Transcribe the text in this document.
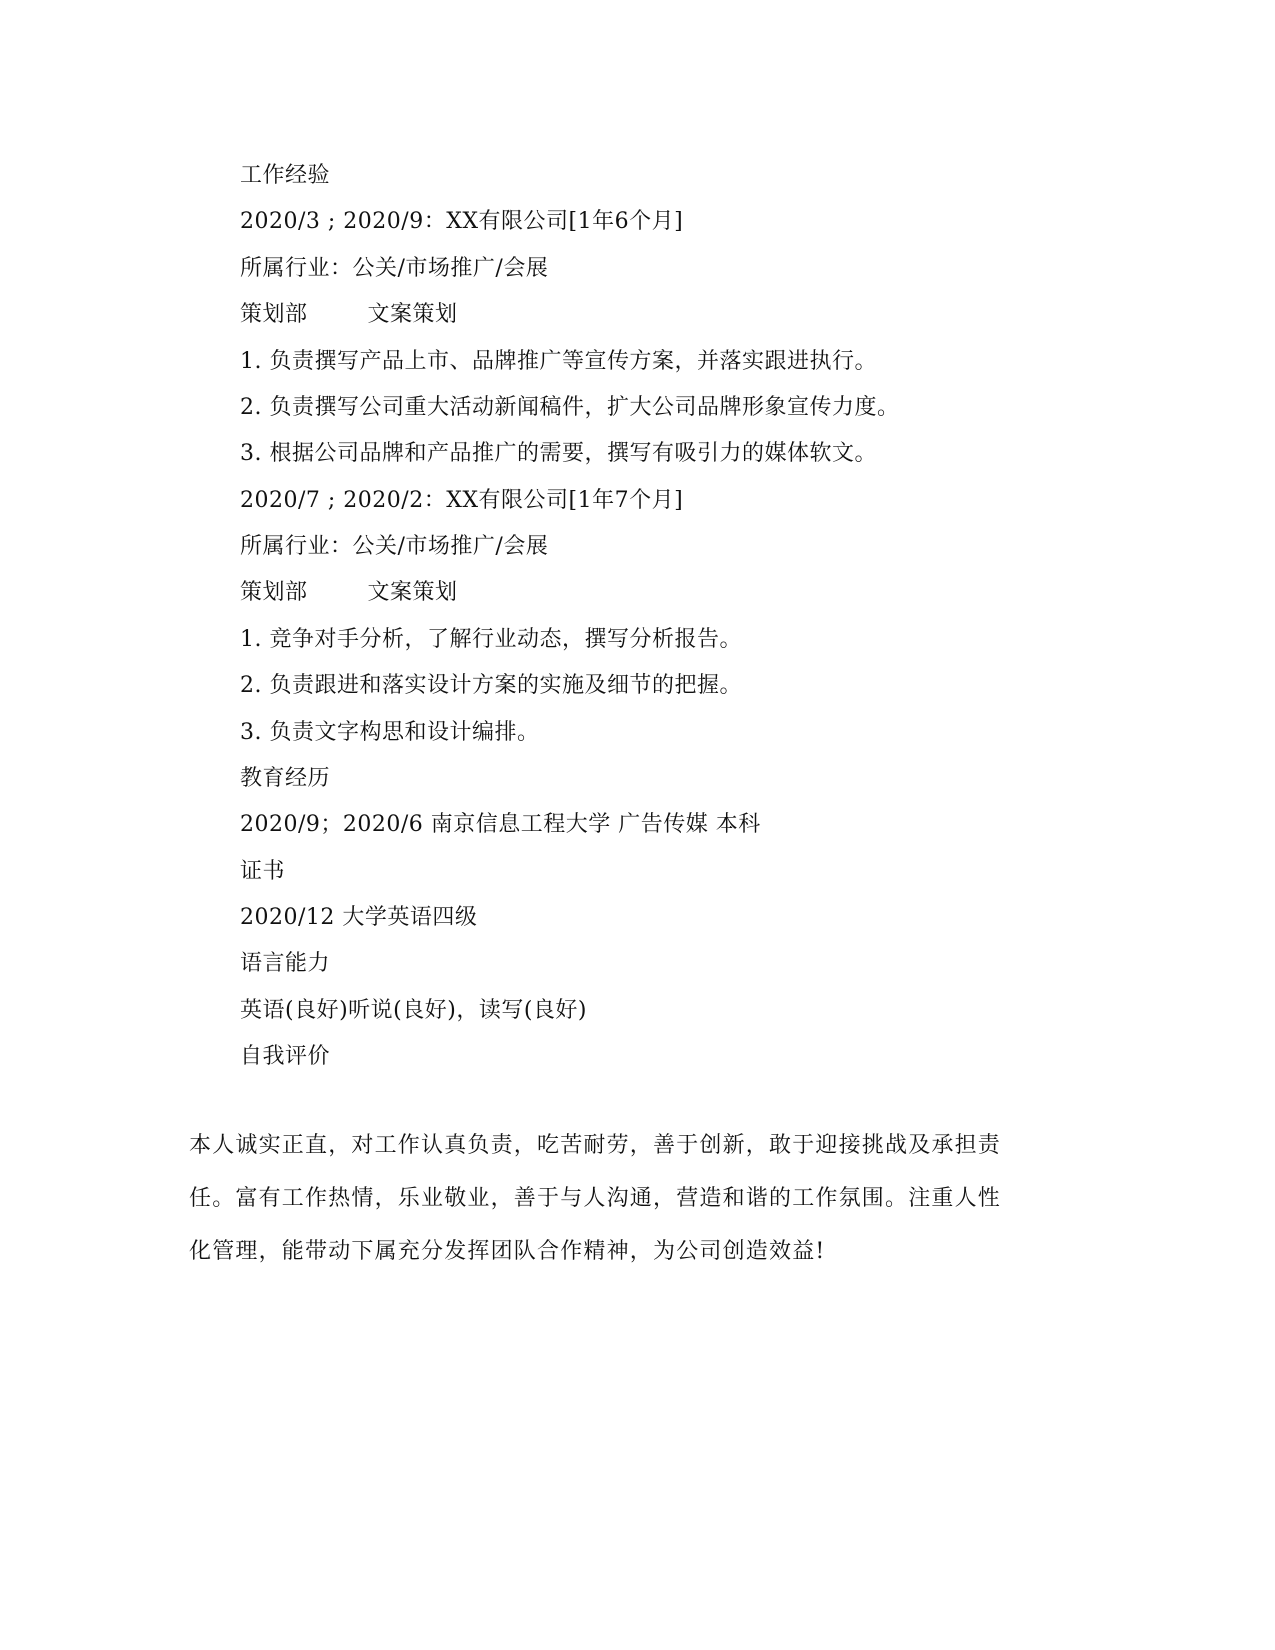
工作经验
2020/3 ; 2020/9：XX有限公司[1年6个月]
所属行业：公关/市场推广/会展
策划部        文案策划
1. 负责撰写产品上市、品牌推广等宣传方案，并落实跟进执行。
2. 负责撰写公司重大活动新闻稿件，扩大公司品牌形象宣传力度。
3. 根据公司品牌和产品推广的需要，撰写有吸引力的媒体软文。
2020/7 ; 2020/2：XX有限公司[1年7个月]
所属行业：公关/市场推广/会展
策划部        文案策划
1. 竞争对手分析，了解行业动态，撰写分析报告。
2. 负责跟进和落实设计方案的实施及细节的把握。
3. 负责文字构思和设计编排。
教育经历
2020/9；2020/6 南京信息工程大学 广告传媒 本科
证书
2020/12 大学英语四级
语言能力
英语(良好)听说(良好)，读写(良好)
自我评价
本人诚实正直，对工作认真负责，吃苦耐劳，善于创新，敢于迎接挑战及承担责
任。富有工作热情，乐业敬业，善于与人沟通，营造和谐的工作氛围。注重人性
化管理，能带动下属充分发挥团队合作精神，为公司创造效益!
